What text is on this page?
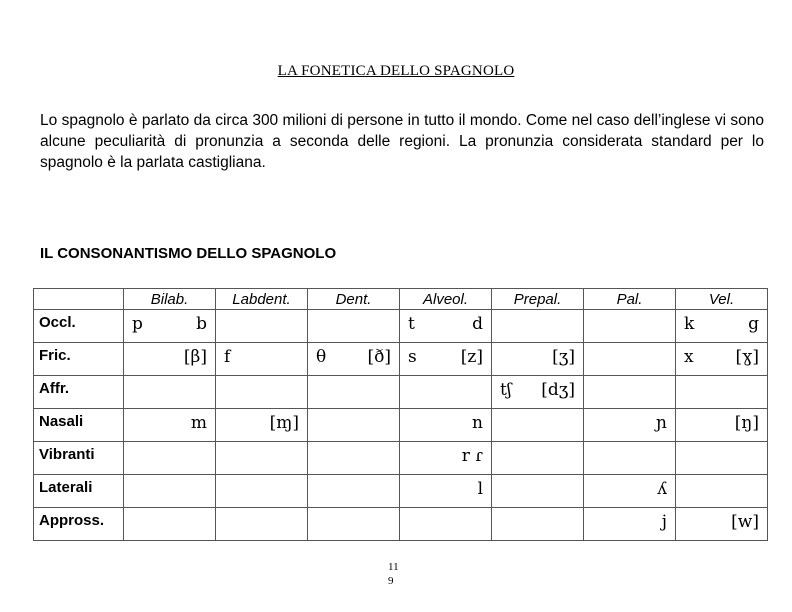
LA FONETICA DELLO SPAGNOLO
Lo spagnolo è parlato da circa 300 milioni di persone in tutto il mondo. Come nel caso dell’inglese vi sono alcune peculiarità di pronunzia a seconda delle regioni. La pronunzia considerata standard per lo spagnolo è la parlata castigliana.
IL CONSONANTISMO DELLO SPAGNOLO
	Bilab.	Labdent.	Dent.	Alveol.	Prepal.	Pal.	Vel.
Occl.	p b			t d			k g

Fric.	[β]	f	θ [ð]	s [z]	[ʒ]		x [ɣ]

Affr.					tʃ [dʒ]		

Nasali	m	[ɱ]		n		ɲ	[ŋ]

Vibranti				r ɾ			

Laterali				l		ʎ	

Appross.						j	[w]
11
9
